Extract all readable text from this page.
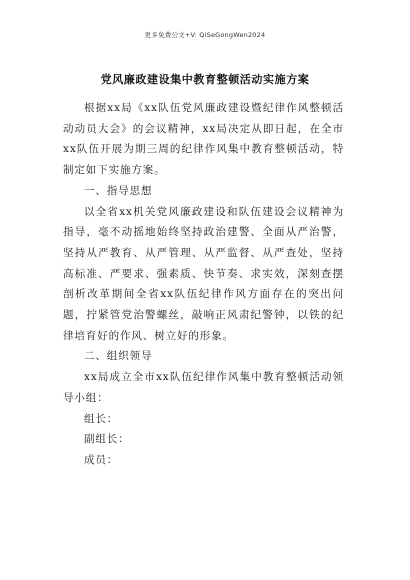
更多免费公文+V: QiSeGongWen2024
党风廉政建设集中教育整顿活动实施方案

根据xx局《xx队伍党风廉政建设暨纪律作风整顿活动动员大会》的会议精神，xx局决定从即日起，在全市xx队伍开展为期三周的纪律作风集中教育整顿活动，特制定如下实施方案。

一、指导思想

以全省xx机关党风廉政建设和队伍建设会议精神为指导，毫不动摇地始终坚持政治建警、全面从严治警，坚持从严教育、从严管理、从严监督、从严查处，坚持高标准、严要求、强素质、快节奏、求实效，深刻查摆剖析改革期间全省xx队伍纪律作风方面存在的突出问题，拧紧管党治警螺丝，敲响正风肃纪警钟，以铁的纪律培育好的作风、树立好的形象。

二、组织领导

xx局成立全市xx队伍纪律作风集中教育整顿活动领导小组：

组长：

副组长：

成员：
